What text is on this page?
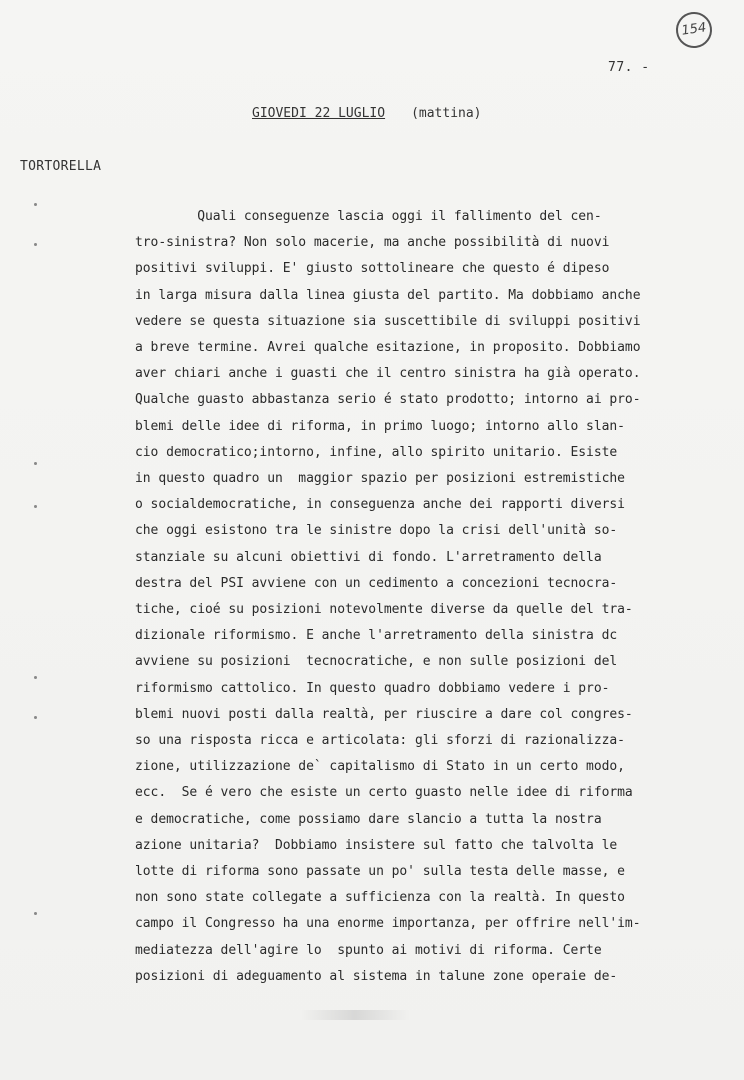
154
77. -
GIOVEDI 22 LUGLIO (mattina)
TORTORELLA
Quali conseguenze lascia oggi il fallimento del cen-
tro-sinistra? Non solo macerie, ma anche possibilità di nuovi
positivi sviluppi. E' giusto sottolineare che questo é dipeso
in larga misura dalla linea giusta del partito. Ma dobbiamo anche
vedere se questa situazione sia suscettibile di sviluppi positivi
a breve termine. Avrei qualche esitazione, in proposito. Dobbiamo
aver chiari anche i guasti che il centro sinistra ha già operato.
Qualche guasto abbastanza serio é stato prodotto; intorno ai pro-
blemi delle idee di riforma, in primo luogo; intorno allo slan-
cio democratico;intorno, infine, allo spirito unitario. Esiste
in questo quadro un  maggior spazio per posizioni estremistiche
o socialdemocratiche, in conseguenza anche dei rapporti diversi
che oggi esistono tra le sinistre dopo la crisi dell'unità so-
stanziale su alcuni obiettivi di fondo. L'arretramento della
destra del PSI avviene con un cedimento a concezioni tecnocra-
tiche, cioé su posizioni notevolmente diverse da quelle del tra-
dizionale riformismo. E anche l'arretramento della sinistra dc
avviene su posizioni  tecnocratiche, e non sulle posizioni del
riformismo cattolico. In questo quadro dobbiamo vedere i pro-
blemi nuovi posti dalla realtà, per riuscire a dare col congres-
so una risposta ricca e articolata: gli sforzi di razionalizza-
zione, utilizzazione de` capitalismo di Stato in un certo modo,
ecc.  Se é vero che esiste un certo guasto nelle idee di riforma
e democratiche, come possiamo dare slancio a tutta la nostra
azione unitaria?  Dobbiamo insistere sul fatto che talvolta le
lotte di riforma sono passate un po' sulla testa delle masse, e
non sono state collegate a sufficienza con la realtà. In questo
campo il Congresso ha una enorme importanza, per offrire nell'im-
mediatezza dell'agire lo  spunto ai motivi di riforma. Certe
posizioni di adeguamento al sistema in talune zone operaie de-
